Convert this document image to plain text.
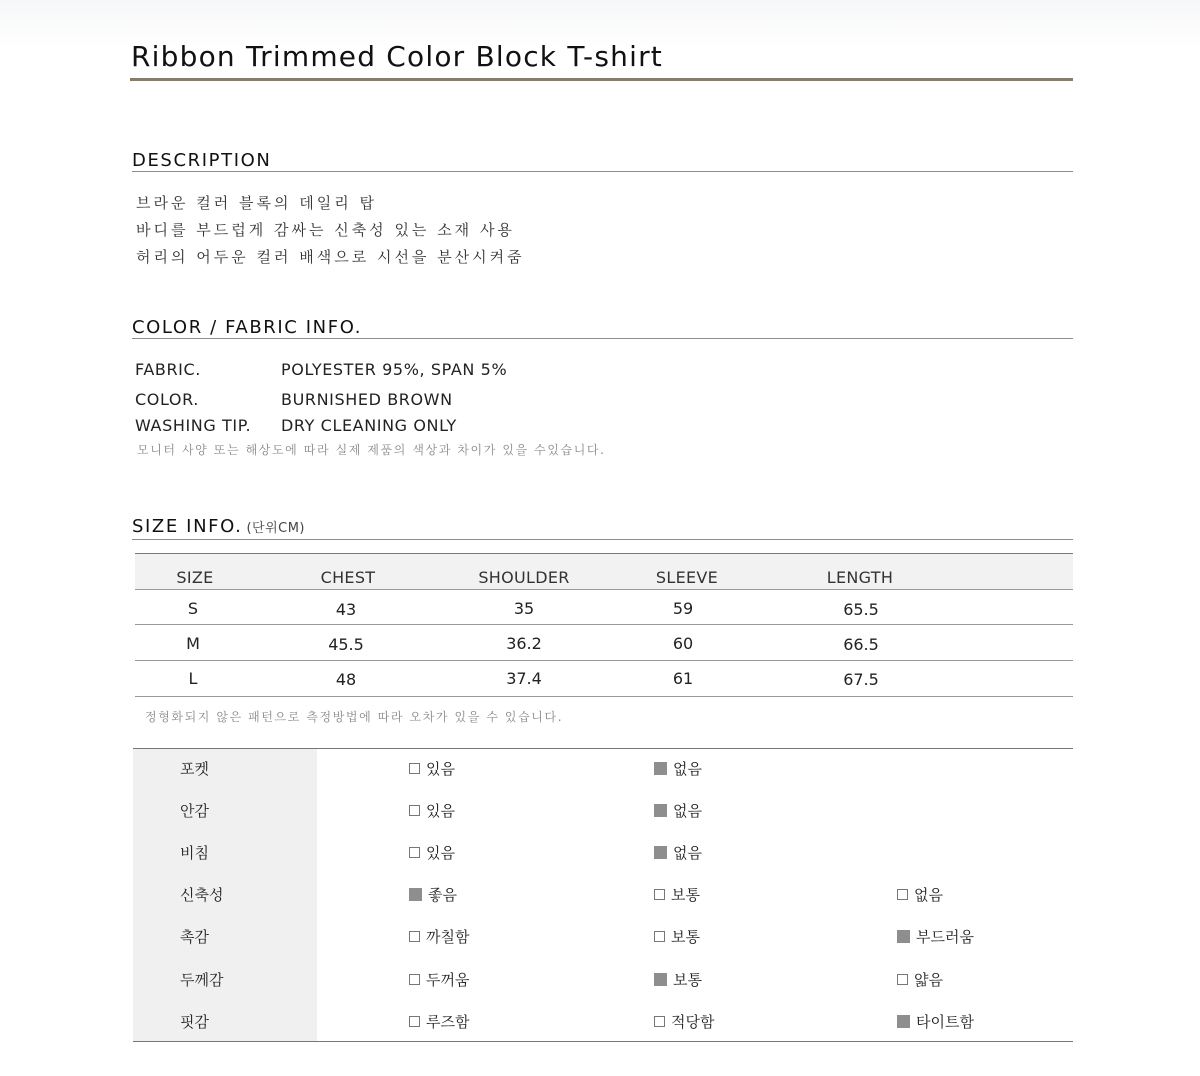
Ribbon Trimmed Color Block T-shirt
DESCRIPTION
브라운 컬러 블록의 데일리 탑
바디를 부드럽게 감싸는 신축성 있는 소재 사용
허리의 어두운 컬러 배색으로 시선을 분산시켜줌
COLOR / FABRIC INFO.
FABRIC.	POLYESTER 95%, SPAN 5%
COLOR.	BURNISHED BROWN
WASHING TIP. DRY CLEANING ONLY
모니터 사양 또는 해상도에 따라 실제 제품의 색상과 차이가 있을 수있습니다.
SIZE INFO. (단위CM)
SIZE	CHEST	SHOULDER	SLEEVE	LENGTH
S	43	35	59	65.5
M	45.5	36.2	60	66.5
L	48	37.4	61	67.5
정형화되지 않은 패턴으로 측정방법에 따라 오차가 있을 수 있습니다.
포켓	있음	없음
안감	있음	없음
비침	있음	없음
신축성	좋음	보통	없음
촉감	까칠함	보통	부드러움
두께감	두꺼움	보통	얇음
핏감	루즈함	적당함	타이트함
